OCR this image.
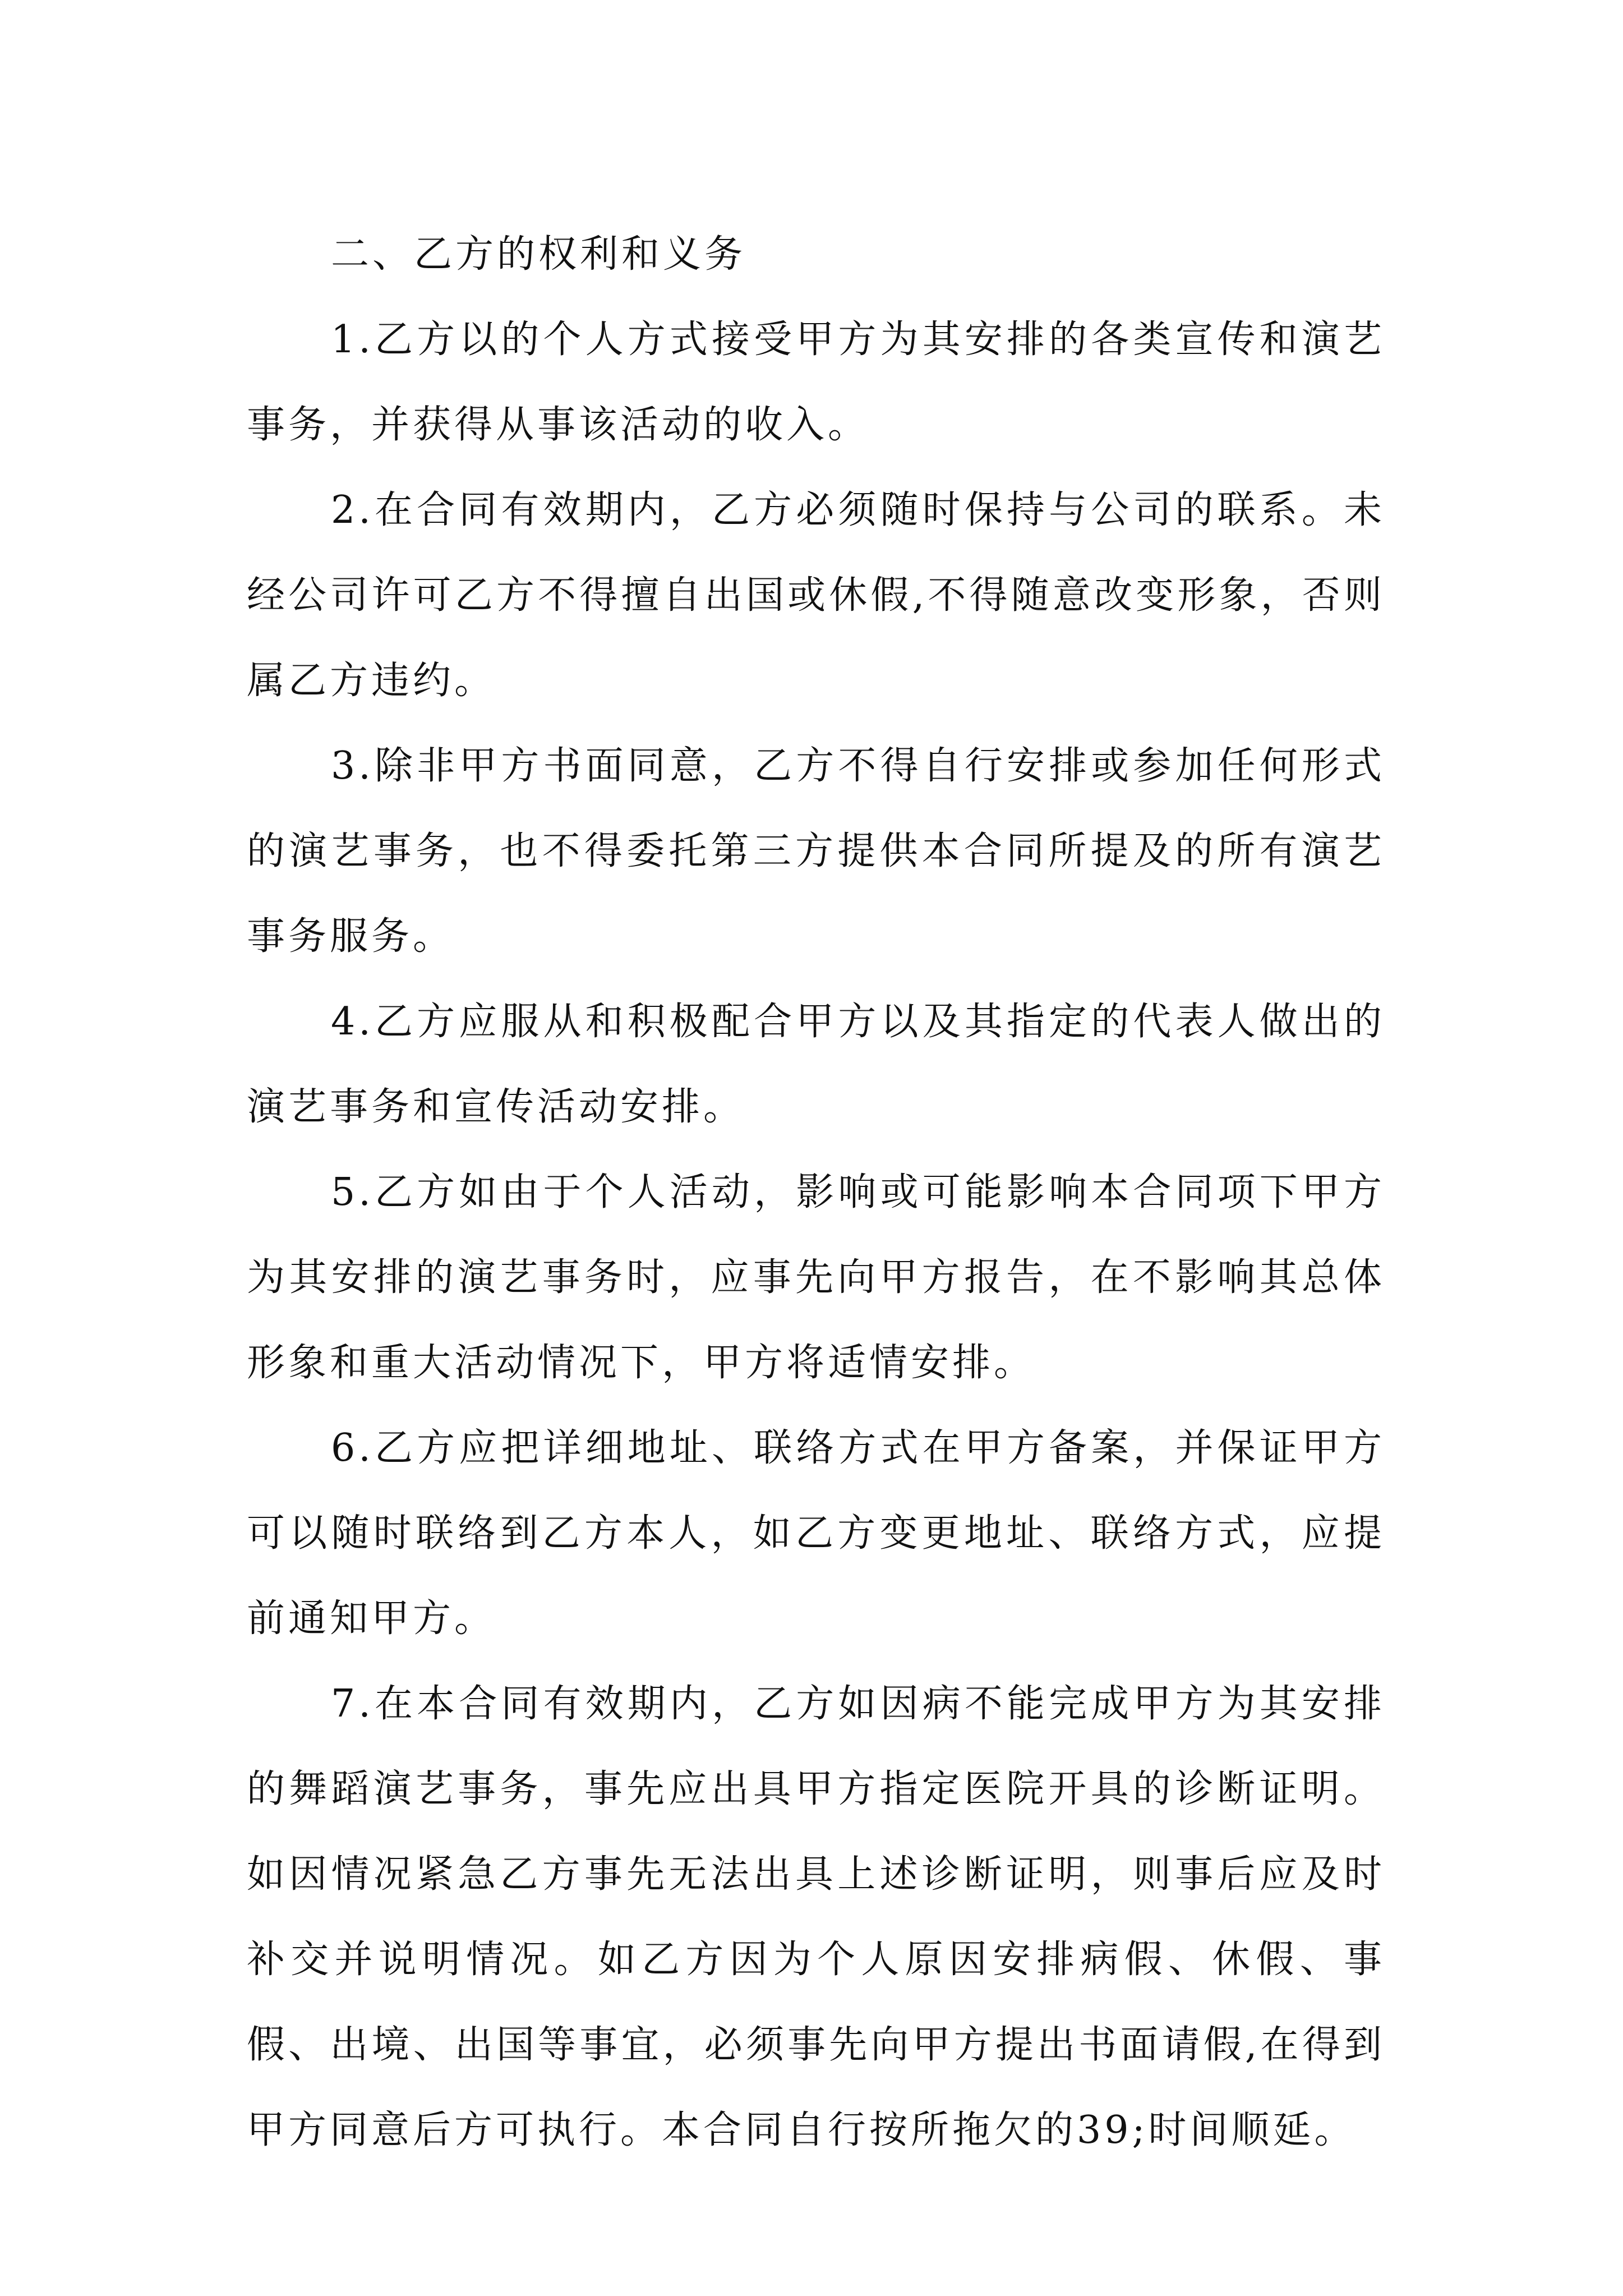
二、乙方的权利和义务

1.乙方以的个人方式接受甲方为其安排的各类宣传和演艺事务，并获得从事该活动的收入。

2.在合同有效期内，乙方必须随时保持与公司的联系。未经公司许可乙方不得擅自出国或休假,不得随意改变形象，否则属乙方违约。

3.除非甲方书面同意，乙方不得自行安排或参加任何形式的演艺事务，也不得委托第三方提供本合同所提及的所有演艺事务服务。

4.乙方应服从和积极配合甲方以及其指定的代表人做出的演艺事务和宣传活动安排。

5.乙方如由于个人活动，影响或可能影响本合同项下甲方为其安排的演艺事务时，应事先向甲方报告，在不影响其总体形象和重大活动情况下，甲方将适情安排。

6.乙方应把详细地址、联络方式在甲方备案，并保证甲方可以随时联络到乙方本人，如乙方变更地址、联络方式，应提前通知甲方。

7.在本合同有效期内，乙方如因病不能完成甲方为其安排的舞蹈演艺事务，事先应出具甲方指定医院开具的诊断证明。如因情况紧急乙方事先无法出具上述诊断证明，则事后应及时补交并说明情况。如乙方因为个人原因安排病假、休假、事假、出境、出国等事宜，必须事先向甲方提出书面请假,在得到甲方同意后方可执行。本合同自行按所拖欠的39;时间顺延。
